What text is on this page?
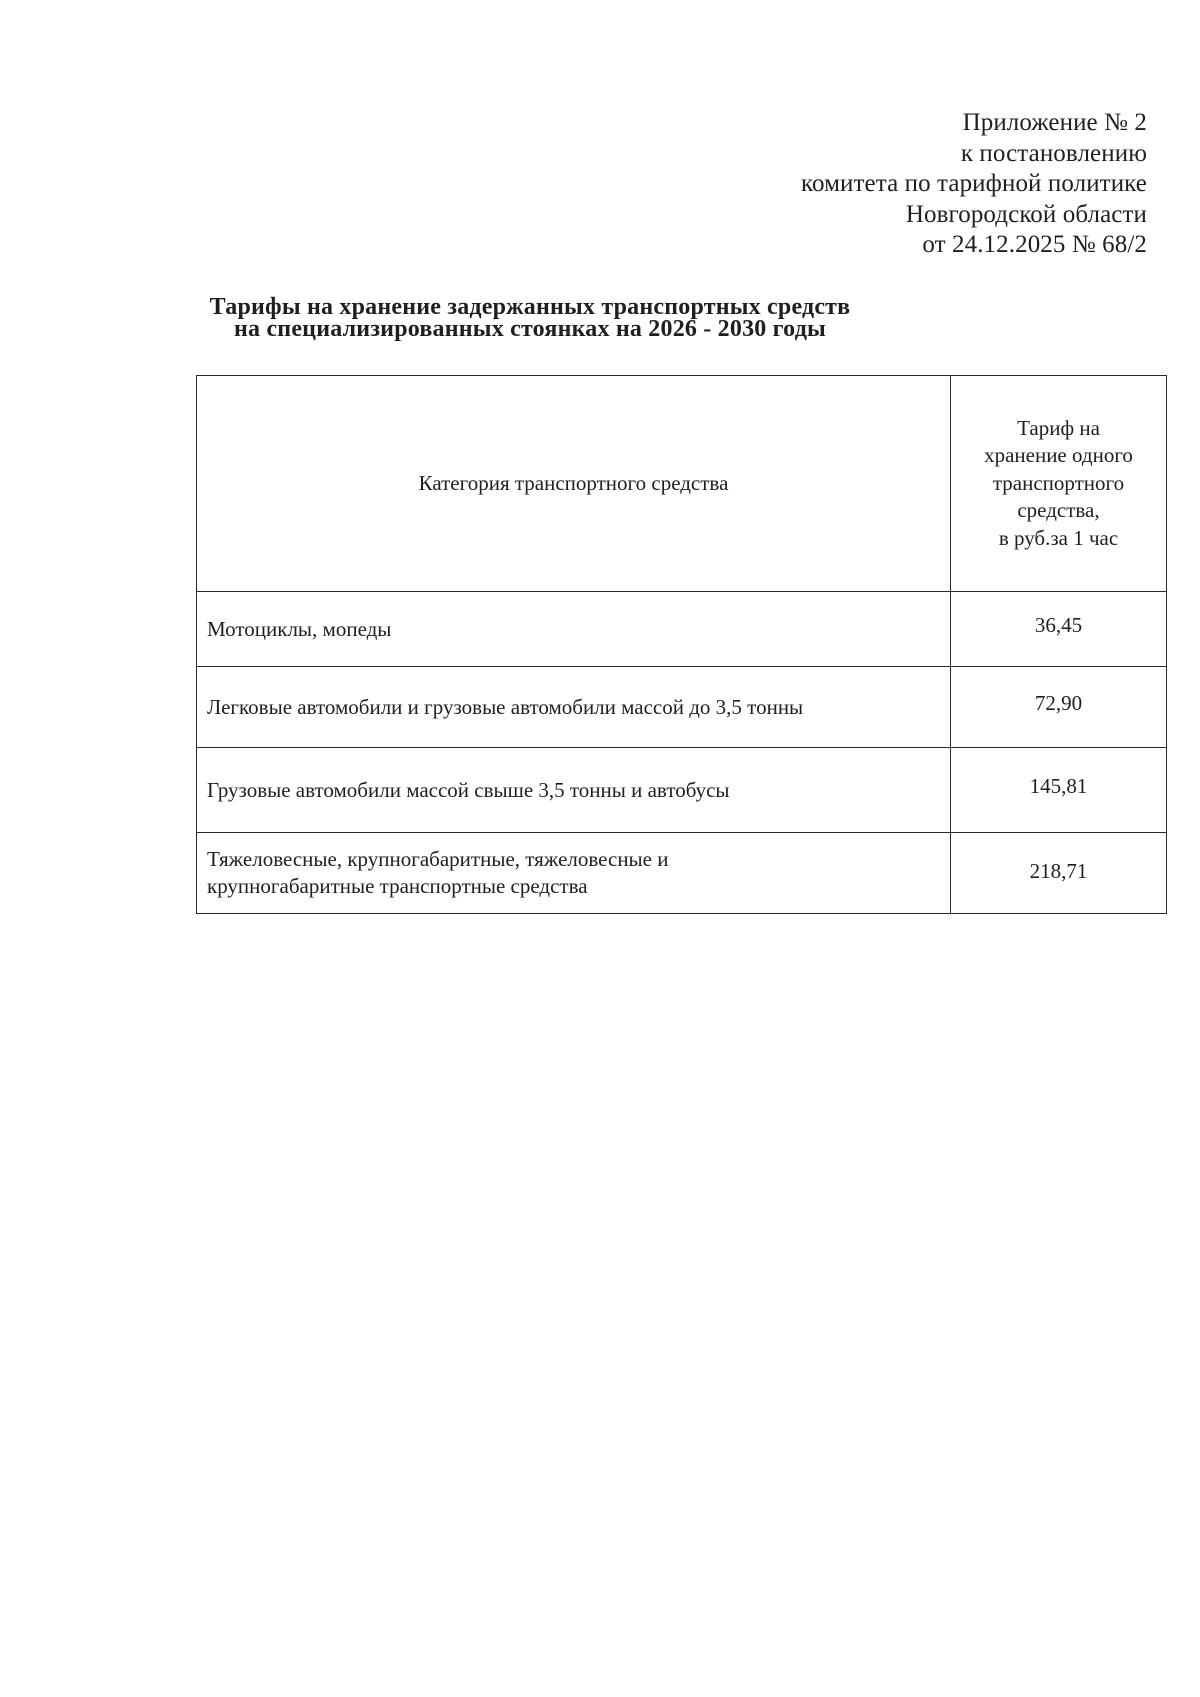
Приложение № 2
к постановлению
комитета по тарифной политике
Новгородской области
от 24.12.2025 № 68/2
Тарифы на хранение задержанных транспортных средств
на специализированных стоянках на 2026 - 2030 годы
Категория транспортного средства	Тариф на
хранение одного
транспортного
средства,
в руб.за 1 час

Мотоциклы, мопеды	36,45

Легковые автомобили и грузовые автомобили массой до 3,5 тонны	72,90

Грузовые автомобили массой свыше 3,5 тонны и автобусы	145,81

Тяжеловесные, крупногабаритные, тяжеловесные и
крупногабаритные транспортные средства	218,71
